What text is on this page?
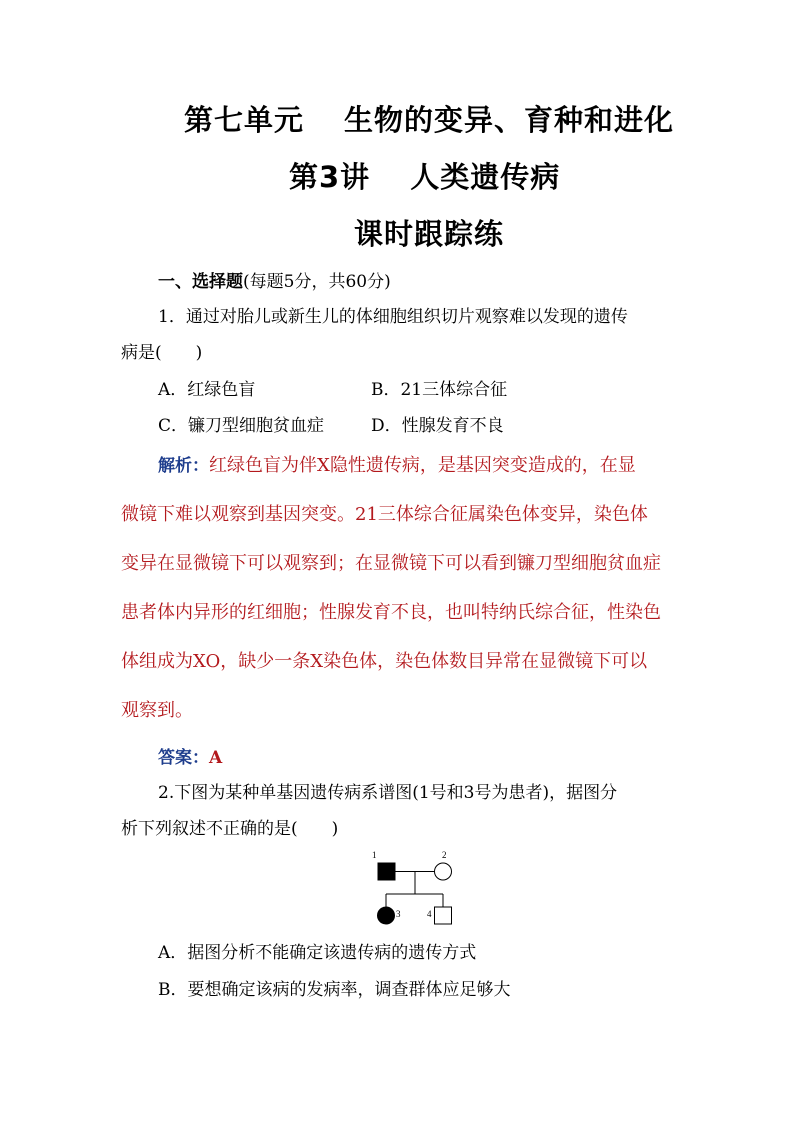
第七单元 生物的变异、育种和进化
第3讲 人类遗传病
课时跟踪练
一、选择题(每题5分，共60分)
1．通过对胎儿或新生儿的体细胞组织切片观察难以发现的遗传
病是(　　)
A．红绿色盲	B．21三体综合征
C．镰刀型细胞贫血症	D．性腺发育不良
解析：红绿色盲为伴X隐性遗传病，是基因突变造成的，在显
微镜下难以观察到基因突变。21三体综合征属染色体变异，染色体
变异在显微镜下可以观察到；在显微镜下可以看到镰刀型细胞贫血症
患者体内异形的红细胞；性腺发育不良，也叫特纳氏综合征，性染色
体组成为XO，缺少一条X染色体，染色体数目异常在显微镜下可以
观察到。
答案：A
2.下图为某种单基因遗传病系谱图(1号和3号为患者)，据图分
析下列叙述不正确的是(　　)
1	2
3	4
A．据图分析不能确定该遗传病的遗传方式
B．要想确定该病的发病率，调查群体应足够大
